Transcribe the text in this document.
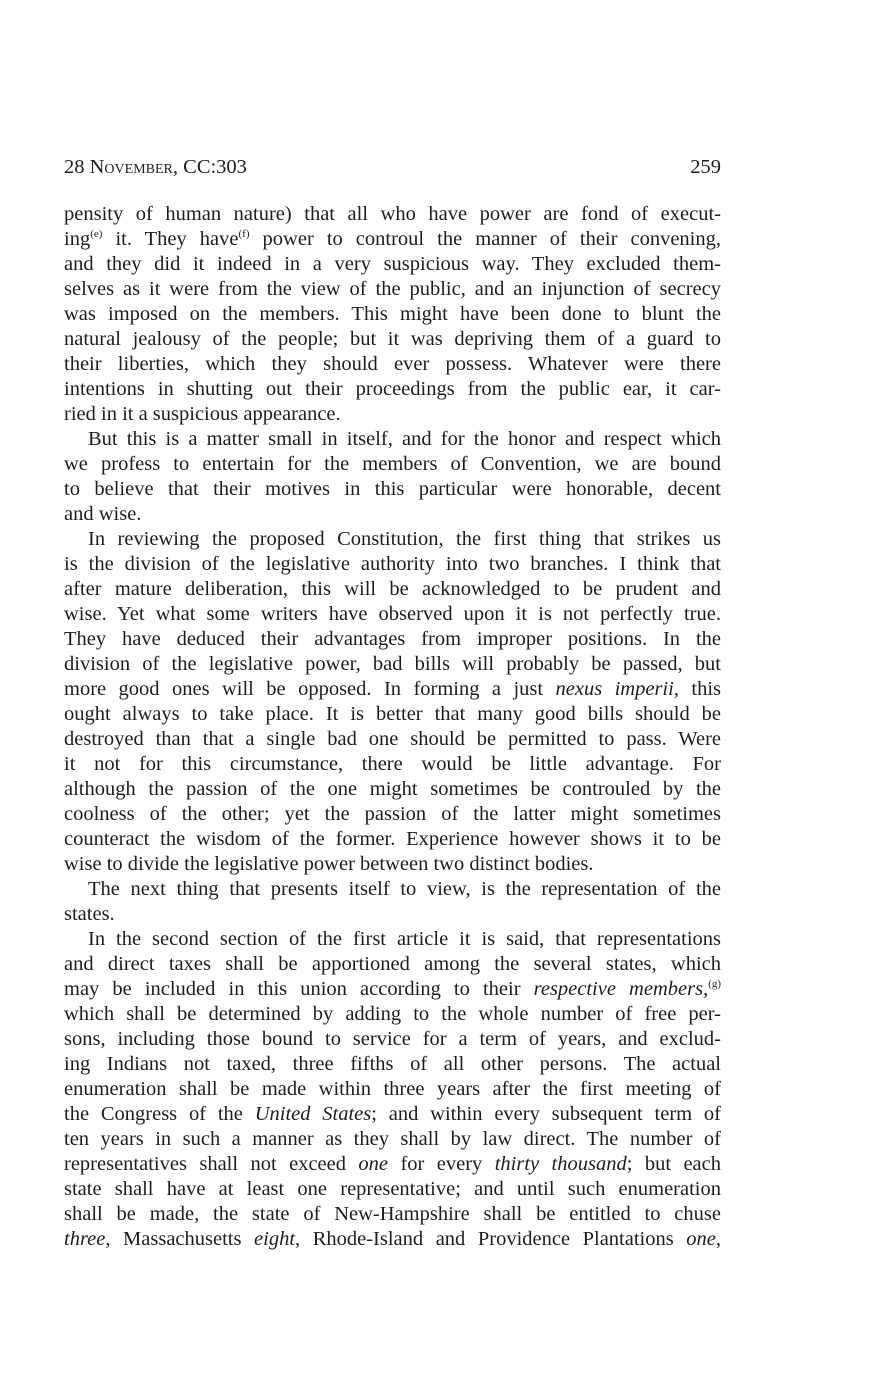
28 November, CC:303	259
pensity of human nature) that all who have power are fond of execut-
ing$^{(e)}$ it. They have$^{(f)}$ power to controul the manner of their convening,
and they did it indeed in a very suspicious way. They excluded them-
selves as it were from the view of the public, and an injunction of secrecy
was imposed on the members. This might have been done to blunt the
natural jealousy of the people; but it was depriving them of a guard to
their liberties, which they should ever possess. Whatever were there
intentions in shutting out their proceedings from the public ear, it car-
ried in it a suspicious appearance.
But this is a matter small in itself, and for the honor and respect which
we profess to entertain for the members of Convention, we are bound
to believe that their motives in this particular were honorable, decent
and wise.
In reviewing the proposed Constitution, the first thing that strikes us
is the division of the legislative authority into two branches. I think that
after mature deliberation, this will be acknowledged to be prudent and
wise. Yet what some writers have observed upon it is not perfectly true.
They have deduced their advantages from improper positions. In the
division of the legislative power, bad bills will probably be passed, but
more good ones will be opposed. In forming a just nexus imperii, this
ought always to take place. It is better that many good bills should be
destroyed than that a single bad one should be permitted to pass. Were
it not for this circumstance, there would be little advantage. For
although the passion of the one might sometimes be controuled by the
coolness of the other; yet the passion of the latter might sometimes
counteract the wisdom of the former. Experience however shows it to be
wise to divide the legislative power between two distinct bodies.
The next thing that presents itself to view, is the representation of the
states.
In the second section of the first article it is said, that representations
and direct taxes shall be apportioned among the several states, which
may be included in this union according to their respective members,$^{(g)}$
which shall be determined by adding to the whole number of free per-
sons, including those bound to service for a term of years, and exclud-
ing Indians not taxed, three fifths of all other persons. The actual
enumeration shall be made within three years after the first meeting of
the Congress of the United States; and within every subsequent term of
ten years in such a manner as they shall by law direct. The number of
representatives shall not exceed one for every thirty thousand; but each
state shall have at least one representative; and until such enumeration
shall be made, the state of New-Hampshire shall be entitled to chuse
three, Massachusetts eight, Rhode-Island and Providence Plantations one,
